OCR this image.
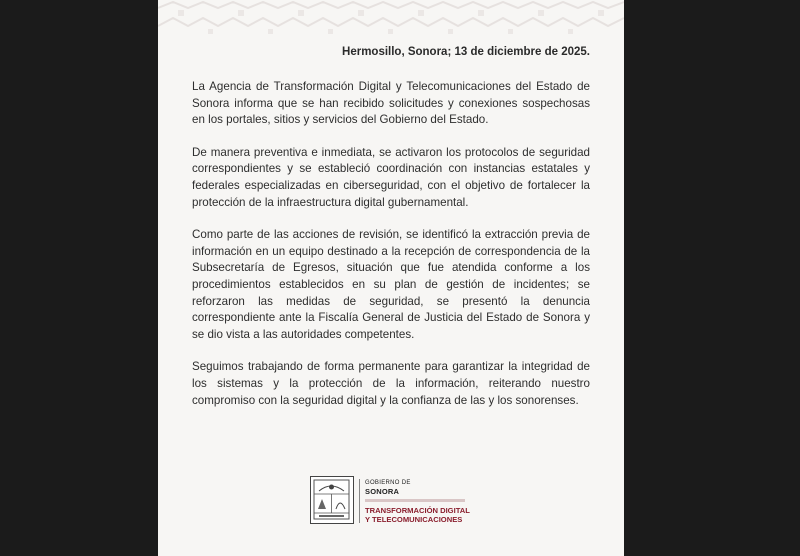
Hermosillo, Sonora; 13 de diciembre de 2025.

La Agencia de Transformación Digital y Telecomunicaciones del Estado de Sonora informa que se han recibido solicitudes y conexiones sospechosas en los portales, sitios y servicios del Gobierno del Estado.

De manera preventiva e inmediata, se activaron los protocolos de seguridad correspondientes y se estableció coordinación con instancias estatales y federales especializadas en ciberseguridad, con el objetivo de fortalecer la protección de la infraestructura digital gubernamental.

Como parte de las acciones de revisión, se identificó la extracción previa de información en un equipo destinado a la recepción de correspondencia de la Subsecretaría de Egresos, situación que fue atendida conforme a los procedimientos establecidos en su plan de gestión de incidentes; se reforzaron las medidas de seguridad, se presentó la denuncia correspondiente ante la Fiscalía General de Justicia del Estado de Sonora y se dio vista a las autoridades competentes.

Seguimos trabajando de forma permanente para garantizar la integridad de los sistemas y la protección de la información, reiterando nuestro compromiso con la seguridad digital y la confianza de las y los sonorenses.

GOBIERNO DE
SONORA
TRANSFORMACIÓN DIGITAL
Y TELECOMUNICACIONES
